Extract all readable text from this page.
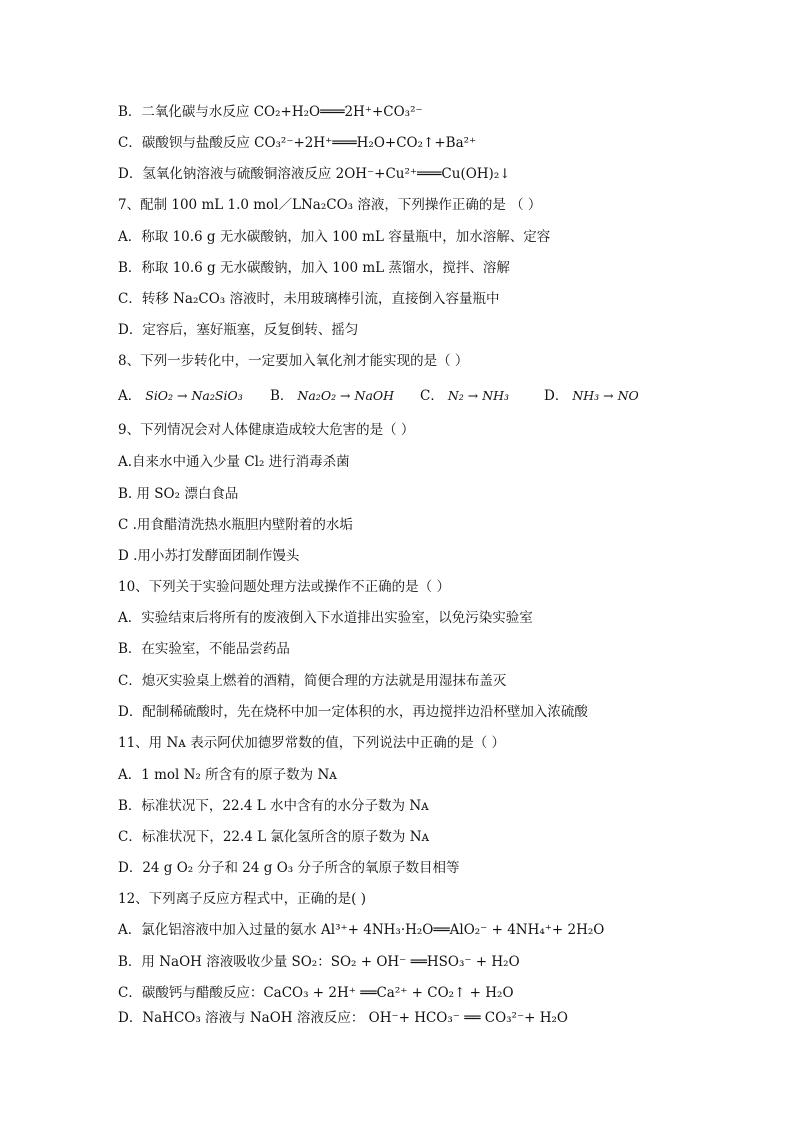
B．二氧化碳与水反应 CO₂+H₂O═══2H⁺+CO₃²⁻
C．碳酸钡与盐酸反应 CO₃²⁻+2H⁺═══H₂O+CO₂↑+Ba²⁺
D．氢氧化钠溶液与硫酸铜溶液反应 2OH⁻+Cu²⁺═══Cu(OH)₂↓
7、配制 100 mL 1.0 mol／LNa₂CO₃ 溶液，下列操作正确的是 （ ）
A．称取 10.6 g 无水碳酸钠，加入 100 mL 容量瓶中，加水溶解、定容
B．称取 10.6 g 无水碳酸钠，加入 100 mL 蒸馏水，搅拌、溶解
C．转移 Na₂CO₃ 溶液时，未用玻璃棒引流，直接倒入容量瓶中
D．定容后，塞好瓶塞，反复倒转、摇匀
8、下列一步转化中，一定要加入氧化剂才能实现的是（ ）
A． SiO₂ → Na₂SiO₃ B． Na₂O₂ → NaOH C． N₂ → NH₃	D． NH₃ → NO
9、下列情况会对人体健康造成较大危害的是（ ）
A.自来水中通入少量 Cl₂ 进行消毒杀菌
B. 用 SO₂ 漂白食品
C .用食醋清洗热水瓶胆内壁附着的水垢
D .用小苏打发酵面团制作馒头
10、下列关于实验问题处理方法或操作不正确的是（ ）
A．实验结束后将所有的废液倒入下水道排出实验室，以免污染实验室
B．在实验室，不能品尝药品
C．熄灭实验桌上燃着的酒精，简便合理的方法就是用湿抹布盖灭
D．配制稀硫酸时，先在烧杯中加一定体积的水，再边搅拌边沿杯壁加入浓硫酸
11、用 Nᴀ 表示阿伏加德罗常数的值，下列说法中正确的是（ ）
A．1 mol N₂ 所含有的原子数为 Nᴀ
B．标准状况下，22.4 L 水中含有的水分子数为 Nᴀ
C．标准状况下，22.4 L 氯化氢所含的原子数为 Nᴀ
D．24 g O₂ 分子和 24 g O₃ 分子所含的氧原子数目相等
12、下列离子反应方程式中，正确的是( )
A．氯化铝溶液中加入过量的氨水 Al³⁺+ 4NH₃·H₂O══AlO₂⁻ + 4NH₄⁺+ 2H₂O
B．用 NaOH 溶液吸收少量 SO₂：SO₂ + OH⁻ ══HSO₃⁻ + H₂O
C．碳酸钙与醋酸反应：CaCO₃ + 2H⁺ ══Ca²⁺ + CO₂↑ + H₂O
D．NaHCO₃ 溶液与 NaOH 溶液反应： OH⁻+ HCO₃⁻ ══ CO₃²⁻+ H₂O
